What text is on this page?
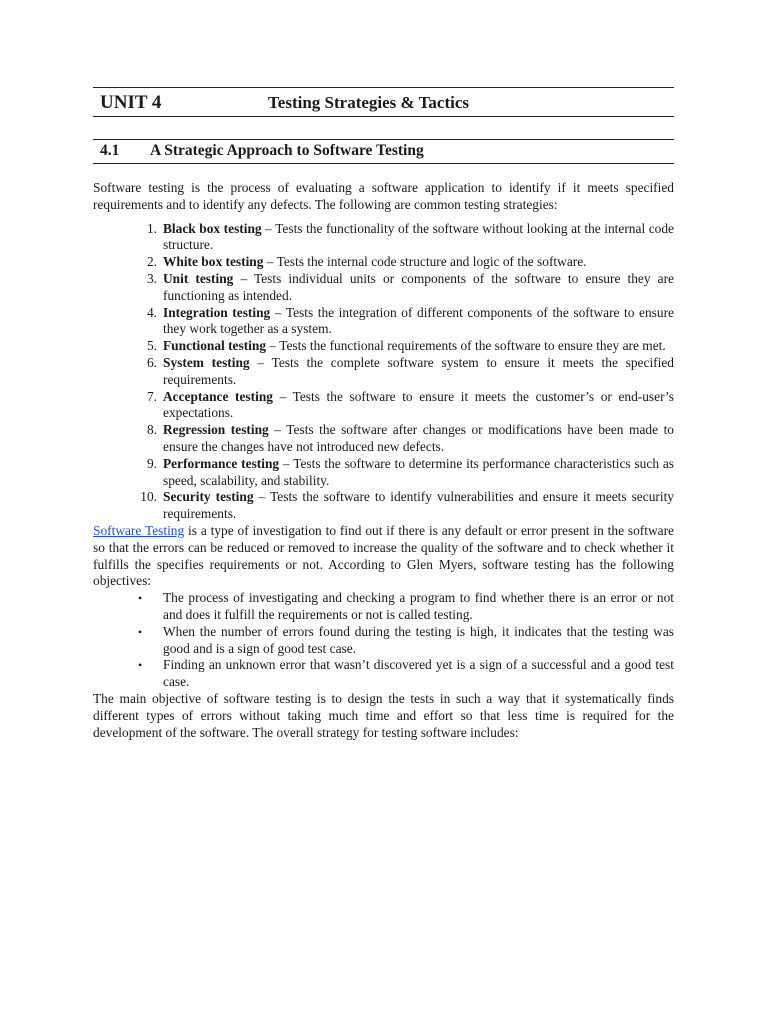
UNIT 4	Testing Strategies & Tactics
4.1 A Strategic Approach to Software Testing

Software testing is the process of evaluating a software application to identify if it meets specified requirements and to identify any defects. The following are common testing strategies:

1. Black box testing – Tests the functionality of the software without looking at the internal code structure.
2. White box testing – Tests the internal code structure and logic of the software.
3. Unit testing – Tests individual units or components of the software to ensure they are functioning as intended.
4. Integration testing – Tests the integration of different components of the software to ensure they work together as a system.
5. Functional testing – Tests the functional requirements of the software to ensure they are met.
6. System testing – Tests the complete software system to ensure it meets the specified requirements.
7. Acceptance testing – Tests the software to ensure it meets the customer’s or end-user’s expectations.
8. Regression testing – Tests the software after changes or modifications have been made to ensure the changes have not introduced new defects.
9. Performance testing – Tests the software to determine its performance characteristics such as speed, scalability, and stability.
10. Security testing – Tests the software to identify vulnerabilities and ensure it meets security requirements.

Software Testing is a type of investigation to find out if there is any default or error present in the software so that the errors can be reduced or removed to increase the quality of the software and to check whether it fulfills the specifies requirements or not. According to Glen Myers, software testing has the following objectives:

• The process of investigating and checking a program to find whether there is an error or not and does it fulfill the requirements or not is called testing.
• When the number of errors found during the testing is high, it indicates that the testing was good and is a sign of good test case.
• Finding an unknown error that wasn’t discovered yet is a sign of a successful and a good test case.

The main objective of software testing is to design the tests in such a way that it systematically finds different types of errors without taking much time and effort so that less time is required for the development of the software. The overall strategy for testing software includes:
